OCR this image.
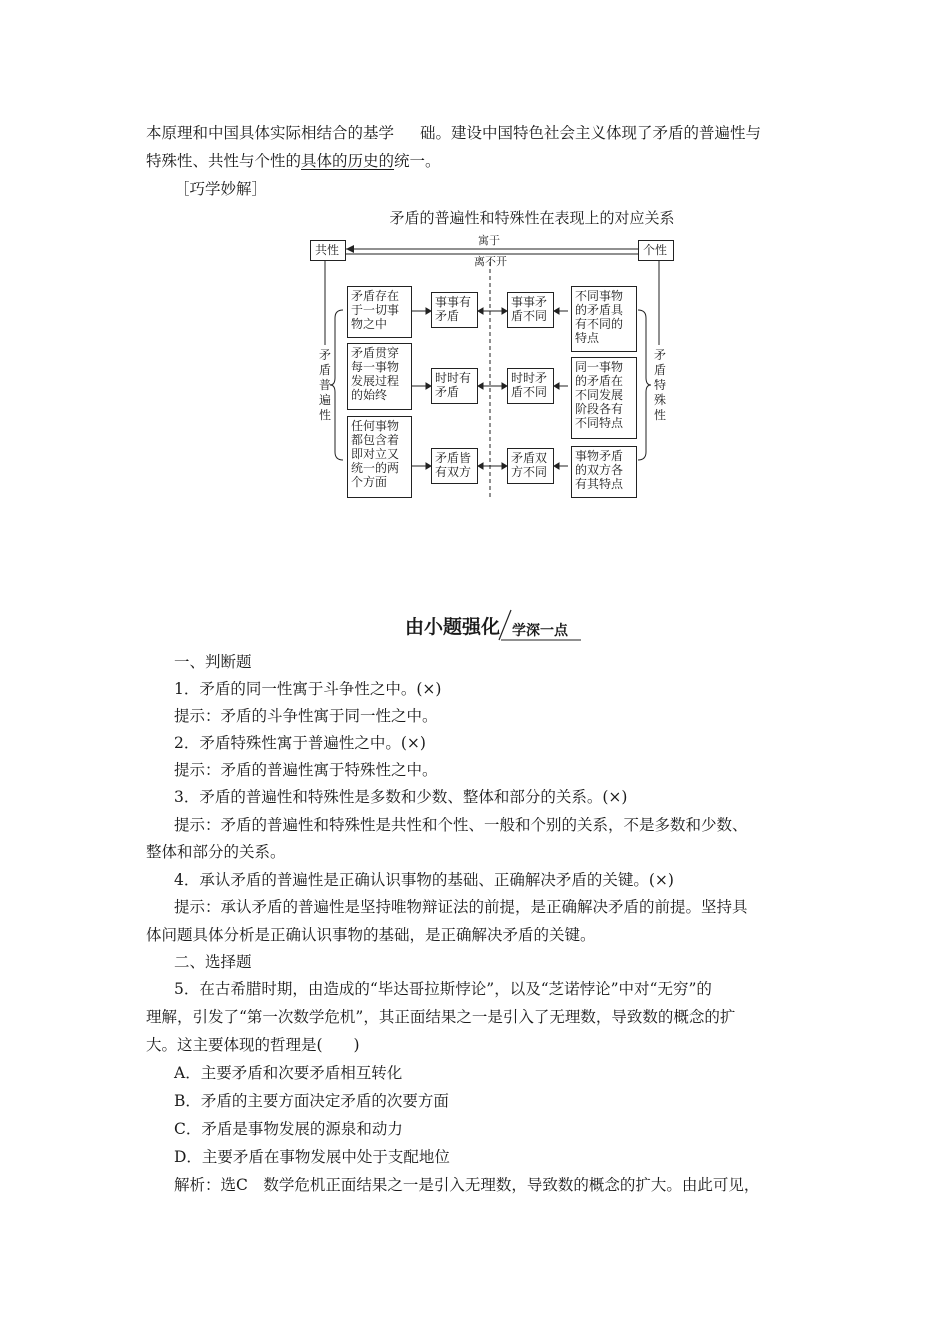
本原理和中国具体实际相结合的基学 础。建设中国特色社会主义体现了矛盾的普遍性与
特殊性、共性与个性的具体的历史的统一。
［巧学妙解］
矛盾的普遍性和特殊性在表现上的对应关系
共性	个性
寓于
离不开
矛盾普遍性
矛盾特殊性
矛盾存在
于一切事
物之中
事事有
矛盾
事事矛
盾不同
不同事物
的矛盾具
有不同的
特点
矛盾贯穿
每一事物
发展过程
的始终
时时有
矛盾
时时矛
盾不同
同一事物
的矛盾在
不同发展
阶段各有
不同特点
任何事物
都包含着
即对立又
统一的两
个方面
矛盾皆
有双方
矛盾双
方不同
事物矛盾
的双方各
有其特点
由小题强化 学深一点
一、判断题
1．矛盾的同一性寓于斗争性之中。(×)
提示：矛盾的斗争性寓于同一性之中。
2．矛盾特殊性寓于普遍性之中。(×)
提示：矛盾的普遍性寓于特殊性之中。
3．矛盾的普遍性和特殊性是多数和少数、整体和部分的关系。(×)
提示：矛盾的普遍性和特殊性是共性和个性、一般和个别的关系，不是多数和少数、
整体和部分的关系。
4．承认矛盾的普遍性是正确认识事物的基础、正确解决矛盾的关键。(×)
提示：承认矛盾的普遍性是坚持唯物辩证法的前提，是正确解决矛盾的前提。坚持具
体问题具体分析是正确认识事物的基础，是正确解决矛盾的关键。
二、选择题
5．在古希腊时期，由造成的“毕达哥拉斯悖论”，以及“芝诺悖论”中对“无穷”的
理解，引发了“第一次数学危机”，其正面结果之一是引入了无理数，导致数的概念的扩
大。这主要体现的哲理是(　　)
A．主要矛盾和次要矛盾相互转化
B．矛盾的主要方面决定矛盾的次要方面
C．矛盾是事物发展的源泉和动力
D．主要矛盾在事物发展中处于支配地位
解析：选C　数学危机正面结果之一是引入无理数，导致数的概念的扩大。由此可见，
